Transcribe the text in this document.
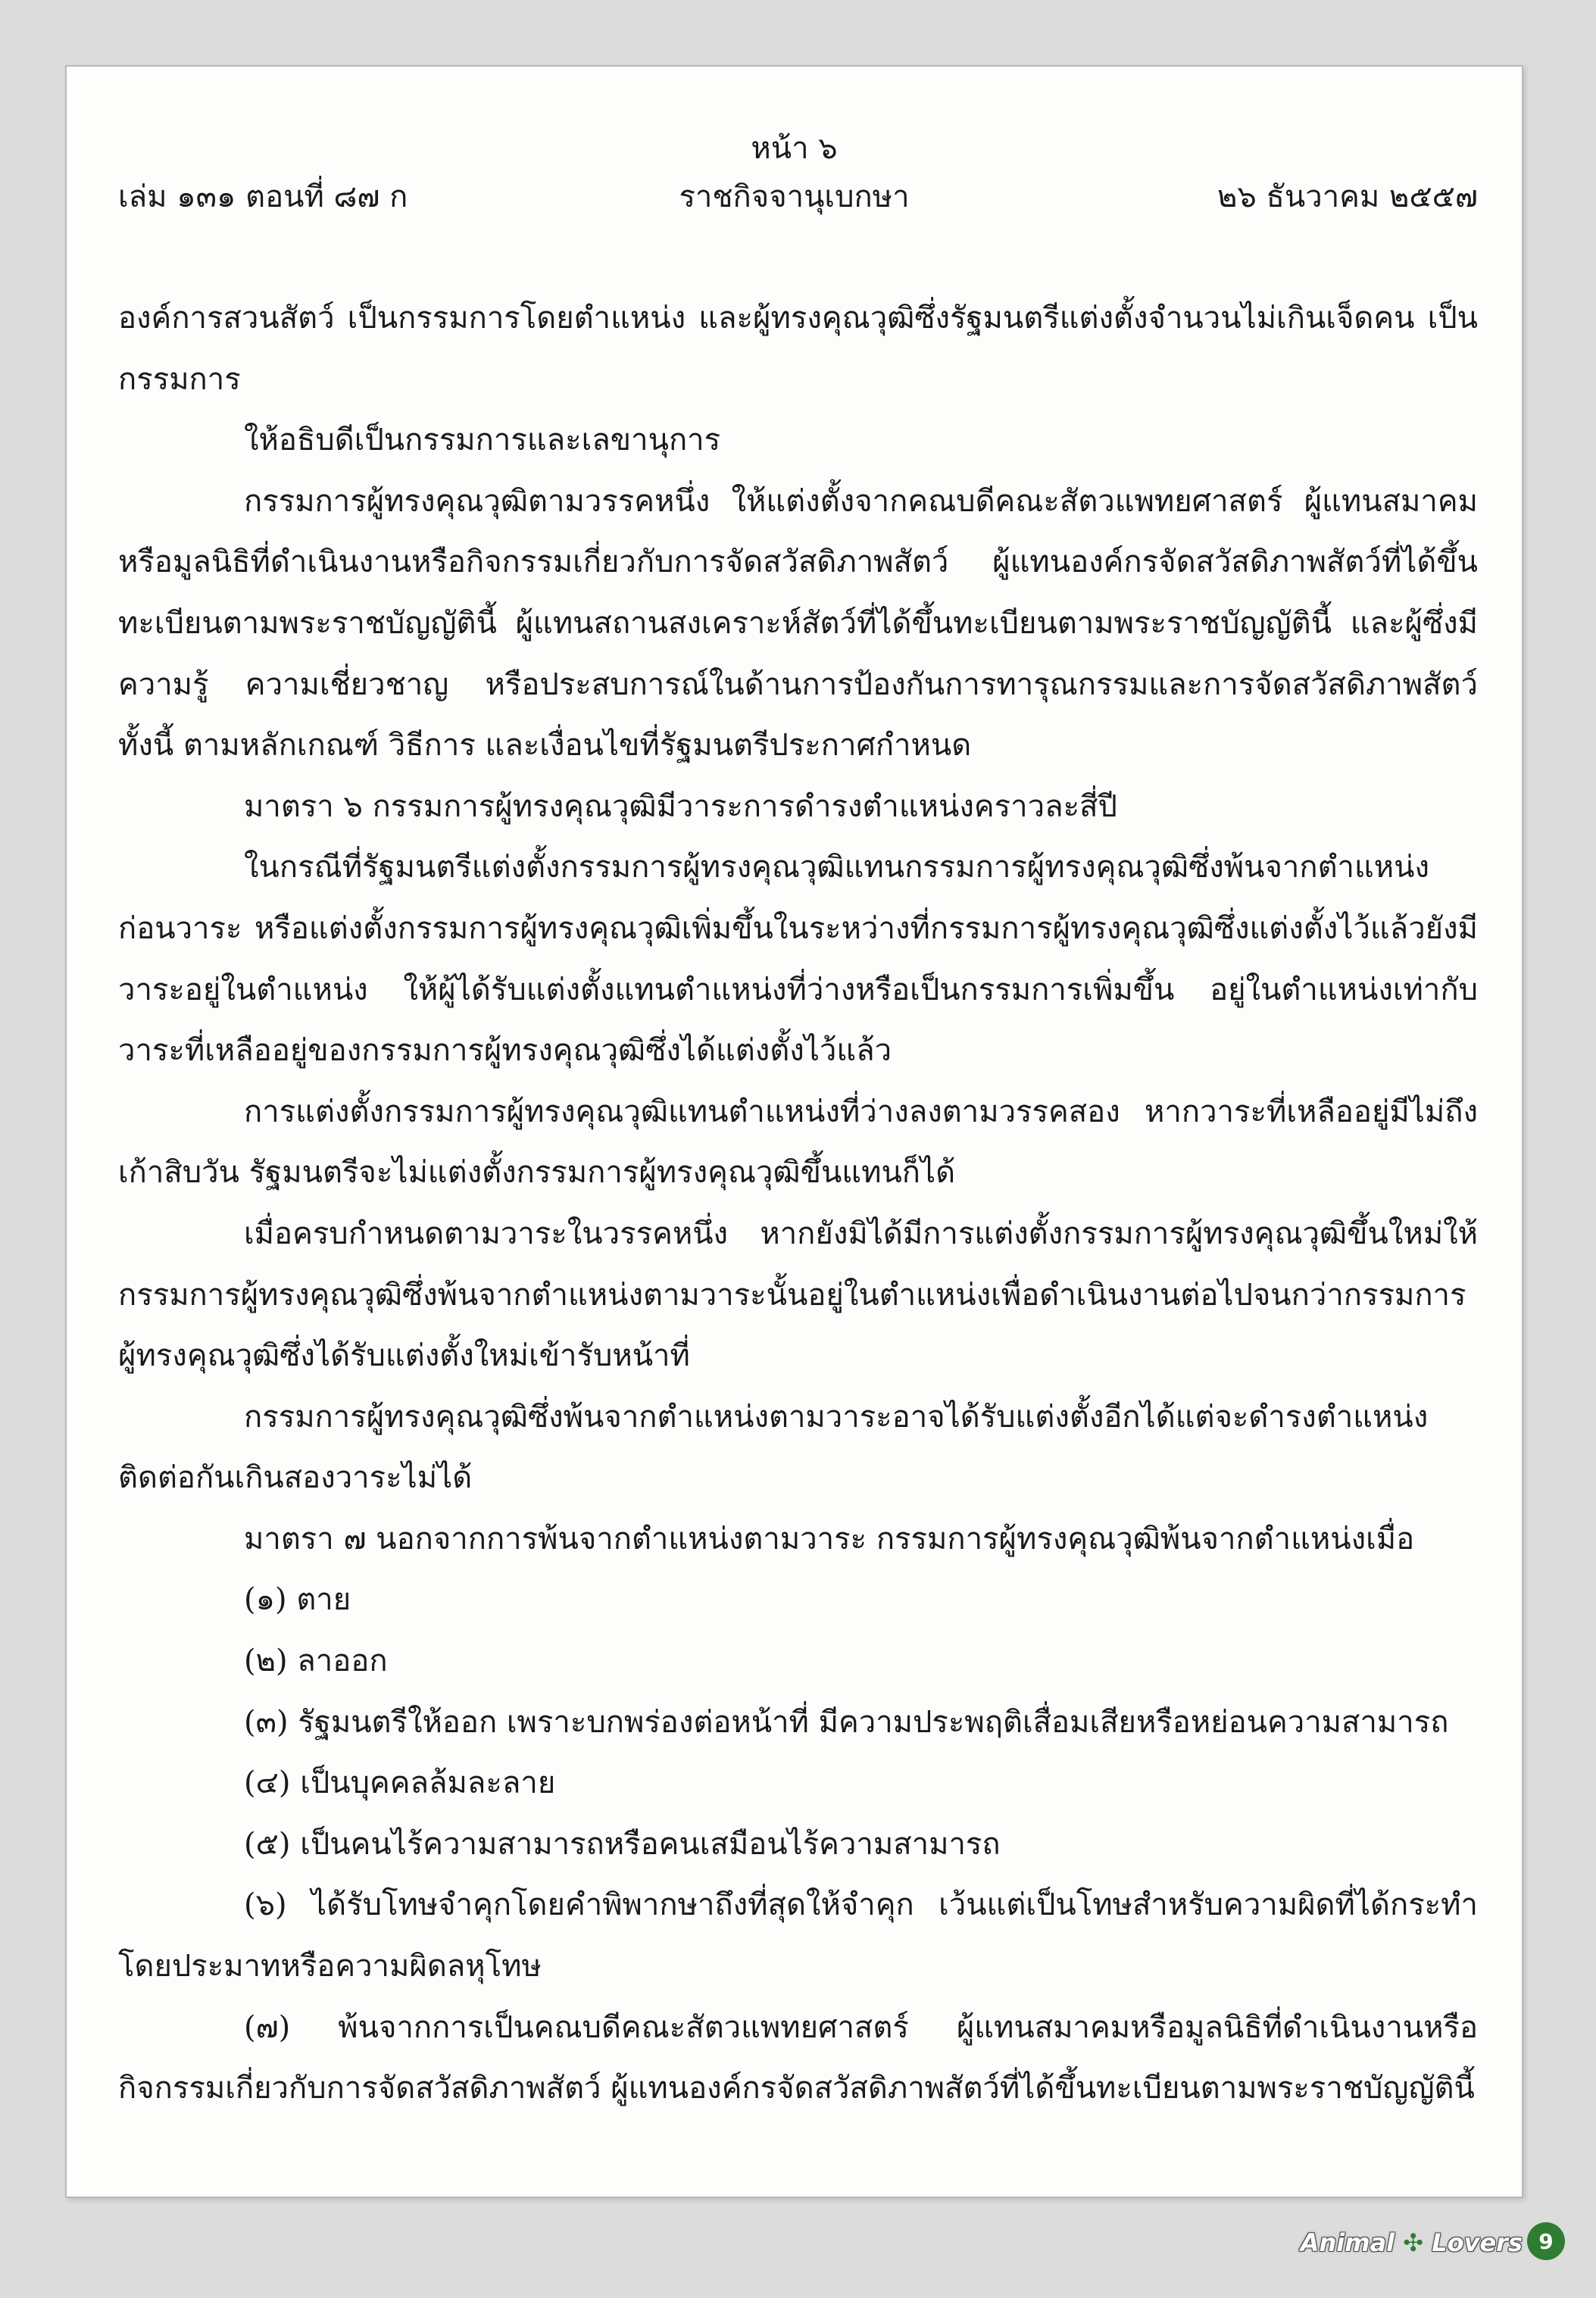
หน้า ๖
เล่ม ๑๓๑ ตอนที่ ๘๗ ก	ราชกิจจานุเบกษา	๒๖ ธันวาคม ๒๕๕๗

องค์การสวนสัตว์ เป็นกรรมการโดยตำแหน่ง และผู้ทรงคุณวุฒิซึ่งรัฐมนตรีแต่งตั้งจำนวนไม่เกินเจ็ดคน เป็นกรรมการ

ให้อธิบดีเป็นกรรมการและเลขานุการ

กรรมการผู้ทรงคุณวุฒิตามวรรคหนึ่ง ให้แต่งตั้งจากคณบดีคณะสัตวแพทยศาสตร์ ผู้แทนสมาคมหรือมูลนิธิที่ดำเนินงานหรือกิจกรรมเกี่ยวกับการจัดสวัสดิภาพสัตว์ ผู้แทนองค์กรจัดสวัสดิภาพสัตว์ที่ได้ขึ้นทะเบียนตามพระราชบัญญัตินี้ ผู้แทนสถานสงเคราะห์สัตว์ที่ได้ขึ้นทะเบียนตามพระราชบัญญัตินี้ และผู้ซึ่งมีความรู้ ความเชี่ยวชาญ หรือประสบการณ์ในด้านการป้องกันการทารุณกรรมและการจัดสวัสดิภาพสัตว์ ทั้งนี้ ตามหลักเกณฑ์ วิธีการ และเงื่อนไขที่รัฐมนตรีประกาศกำหนด

มาตรา ๖ กรรมการผู้ทรงคุณวุฒิมีวาระการดำรงตำแหน่งคราวละสี่ปี

ในกรณีที่รัฐมนตรีแต่งตั้งกรรมการผู้ทรงคุณวุฒิแทนกรรมการผู้ทรงคุณวุฒิซึ่งพ้นจากตำแหน่งก่อนวาระ หรือแต่งตั้งกรรมการผู้ทรงคุณวุฒิเพิ่มขึ้นในระหว่างที่กรรมการผู้ทรงคุณวุฒิซึ่งแต่งตั้งไว้แล้วยังมีวาระอยู่ในตำแหน่ง ให้ผู้ได้รับแต่งตั้งแทนตำแหน่งที่ว่างหรือเป็นกรรมการเพิ่มขึ้น อยู่ในตำแหน่งเท่ากับวาระที่เหลืออยู่ของกรรมการผู้ทรงคุณวุฒิซึ่งได้แต่งตั้งไว้แล้ว

การแต่งตั้งกรรมการผู้ทรงคุณวุฒิแทนตำแหน่งที่ว่างลงตามวรรคสอง หากวาระที่เหลืออยู่มีไม่ถึงเก้าสิบวัน รัฐมนตรีจะไม่แต่งตั้งกรรมการผู้ทรงคุณวุฒิขึ้นแทนก็ได้

เมื่อครบกำหนดตามวาระในวรรคหนึ่ง หากยังมิได้มีการแต่งตั้งกรรมการผู้ทรงคุณวุฒิขึ้นใหม่ให้กรรมการผู้ทรงคุณวุฒิซึ่งพ้นจากตำแหน่งตามวาระนั้นอยู่ในตำแหน่งเพื่อดำเนินงานต่อไปจนกว่ากรรมการผู้ทรงคุณวุฒิซึ่งได้รับแต่งตั้งใหม่เข้ารับหน้าที่

กรรมการผู้ทรงคุณวุฒิซึ่งพ้นจากตำแหน่งตามวาระอาจได้รับแต่งตั้งอีกได้แต่จะดำรงตำแหน่งติดต่อกันเกินสองวาระไม่ได้

มาตรา ๗ นอกจากการพ้นจากตำแหน่งตามวาระ กรรมการผู้ทรงคุณวุฒิพ้นจากตำแหน่งเมื่อ

(๑) ตาย

(๒) ลาออก

(๓) รัฐมนตรีให้ออก เพราะบกพร่องต่อหน้าที่ มีความประพฤติเสื่อมเสียหรือหย่อนความสามารถ

(๔) เป็นบุคคลล้มละลาย

(๕) เป็นคนไร้ความสามารถหรือคนเสมือนไร้ความสามารถ

(๖) ได้รับโทษจำคุกโดยคำพิพากษาถึงที่สุดให้จำคุก เว้นแต่เป็นโทษสำหรับความผิดที่ได้กระทำโดยประมาทหรือความผิดลหุโทษ

(๗) พ้นจากการเป็นคณบดีคณะสัตวแพทยศาสตร์ ผู้แทนสมาคมหรือมูลนิธิที่ดำเนินงานหรือกิจกรรมเกี่ยวกับการจัดสวัสดิภาพสัตว์ ผู้แทนองค์กรจัดสวัสดิภาพสัตว์ที่ได้ขึ้นทะเบียนตามพระราชบัญญัตินี้

Animal ✣ Lovers 9
